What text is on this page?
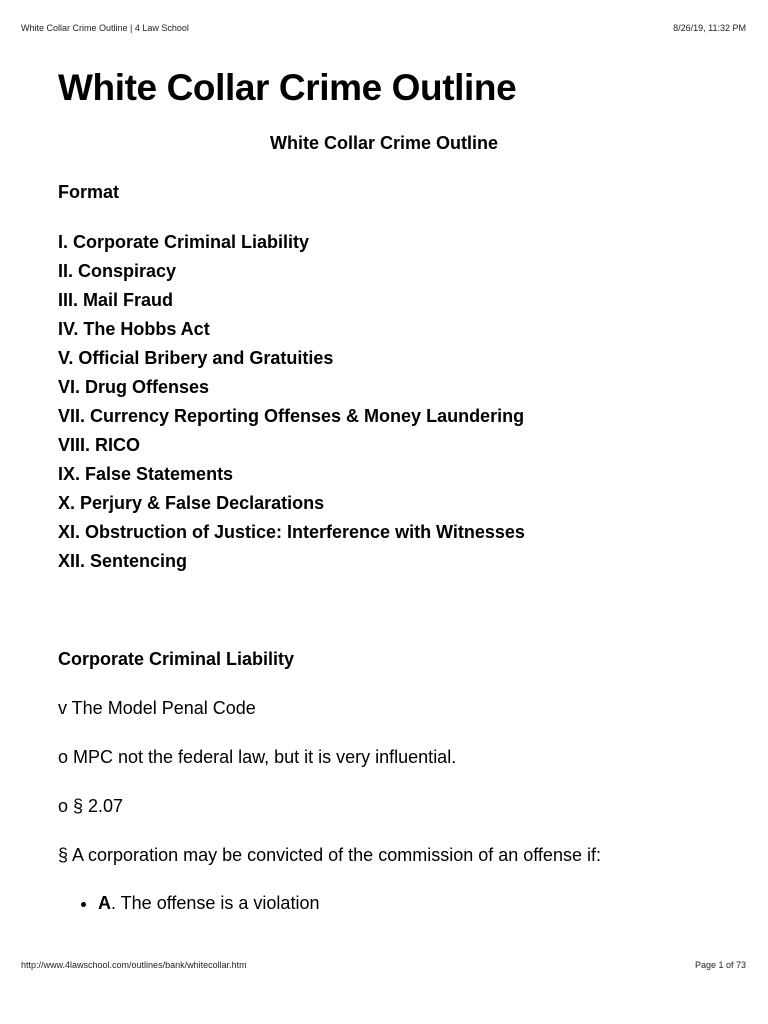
White Collar Crime Outline | 4 Law School	8/26/19, 11:32 PM
White Collar Crime Outline
White Collar Crime Outline
Format
I. Corporate Criminal Liability
II. Conspiracy
III. Mail Fraud
IV. The Hobbs Act
V. Official Bribery and Gratuities
VI. Drug Offenses
VII. Currency Reporting Offenses & Money Laundering
VIII. RICO
IX. False Statements
X. Perjury & False Declarations
XI. Obstruction of Justice: Interference with Witnesses
XII. Sentencing
Corporate Criminal Liability

v The Model Penal Code

o MPC not the federal law, but it is very influential.

o § 2.07

§ A corporation may be convicted of the commission of an offense if:

• A. The offense is a violation
http://www.4lawschool.com/outlines/bank/whitecollar.htm	Page 1 of 73
